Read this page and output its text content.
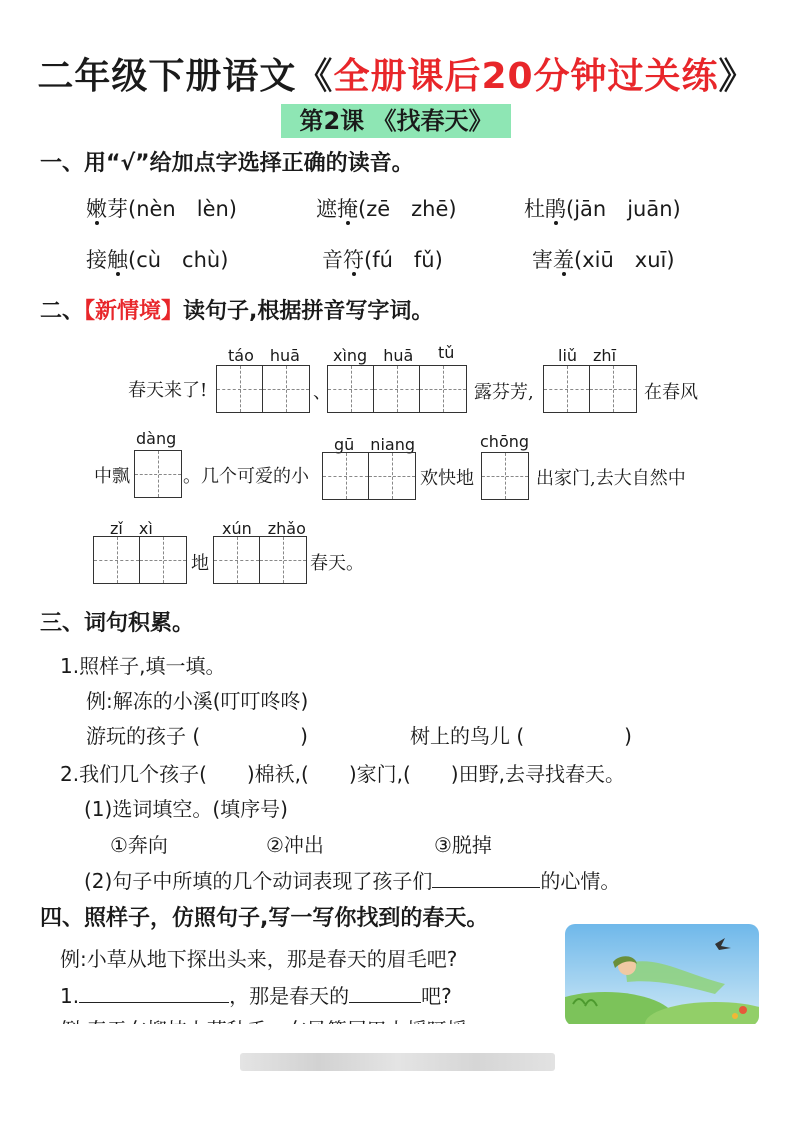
二年级下册语文《全册课后20分钟过关练》
第2课 《找春天》
一、用“√”给加点字选择正确的读音。
嫩芽(nèn　lèn)	遮掩(zē　zhē)	杜鹃(jān　juān)
接触(cù　chù)	音符(fú　fǔ)	害羞(xiū　xuī)
二、【新情境】读句子,根据拼音写字词。
táo　huā xìng　huā tǔ	liǔ　zhī
春天来了!	、	露芬芳,	在春风
dàng	gū　niang	chōng
中飘	。几个可爱的小	欢快地	出家门,去大自然中
zǐ　xì	xún　zhǎo
地	春天。
三、词句积累。
1.照样子,填一填。
例:解冻的小溪(叮叮咚咚)
游玩的孩子 (　　　　　)	树上的鸟儿 (　　　　　)
2.我们几个孩子(　　)棉袄,(　　)家门,(　　)田野,去寻找春天。
(1)选词填空。(填序号)
①奔向	②冲出	③脱掉
(2)句子中所填的几个动词表现了孩子们	的心情。
四、照样子，仿照句子,写一写你找到的春天。
例:小草从地下探出头来，那是春天的眉毛吧?
1.	，那是春天的	吧?
